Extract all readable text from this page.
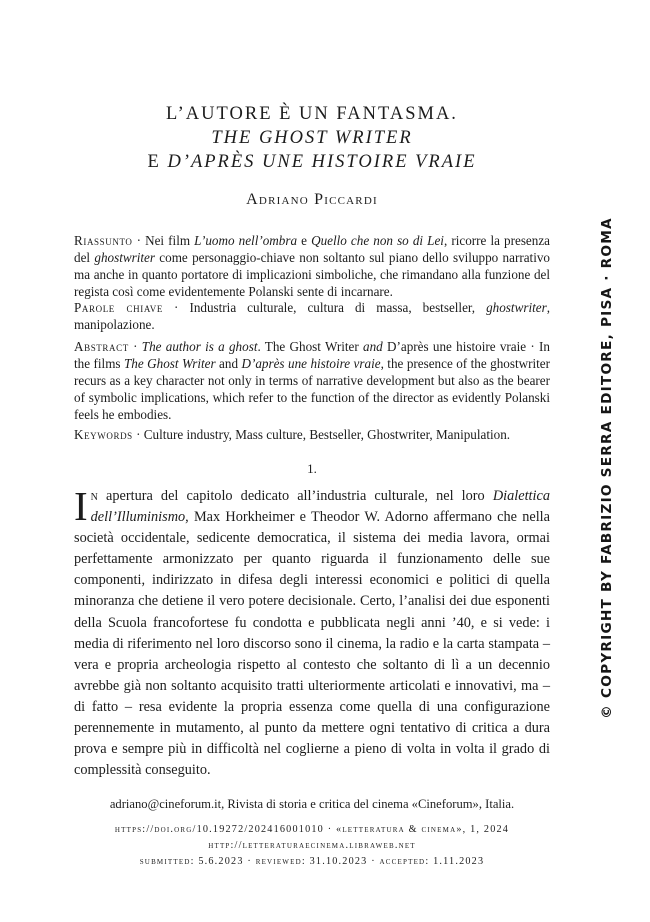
L’AUTORE È UN FANTASMA.
THE GHOST WRITER
E D’APRÈS UNE HISTOIRE VRAIE
Adriano Piccardi
Riassunto · Nei film L’uomo nell’ombra e Quello che non so di Lei, ricorre la presenza del ghostwriter come personaggio-chiave non soltanto sul piano dello sviluppo narrativo ma anche in quanto portatore di implicazioni simboliche, che rimandano alla funzione del regista così come evidentemente Polanski sente di incarnare.
Parole chiave · Industria culturale, cultura di massa, bestseller, ghostwriter, manipolazione.
Abstract · The author is a ghost. The Ghost Writer and D’après une histoire vraie · In the films The Ghost Writer and D’après une histoire vraie, the presence of the ghostwriter recurs as a key character not only in terms of narrative development but also as the bearer of symbolic implications, which refer to the function of the director as evidently Polanski feels he embodies.
Keywords · Culture industry, Mass culture, Bestseller, Ghostwriter, Manipulation.
1.
In apertura del capitolo dedicato all’industria culturale, nel loro Dialettica dell’Illuminismo, Max Horkheimer e Theodor W. Adorno affermano che nella società occidentale, sedicente democratica, il sistema dei media lavora, ormai perfettamente armonizzato per quanto riguarda il funzionamento delle sue componenti, indirizzato in difesa degli interessi economici e politici di quella minoranza che detiene il vero potere decisionale. Certo, l’analisi dei due esponenti della Scuola francofortese fu condotta e pubblicata negli anni ’40, e si vede: i media di riferimento nel loro discorso sono il cinema, la radio e la carta stampata – vera e propria archeologia rispetto al contesto che soltanto di lì a un decennio avrebbe già non soltanto acquisito tratti ulteriormente articolati e innovativi, ma – di fatto – resa evidente la propria essenza come quella di una configurazione perennemente in mutamento, al punto da mettere ogni tentativo di critica a dura prova e sempre più in difficoltà nel coglierne a pieno di volta in volta il grado di complessità conseguito.
adriano@cineforum.it, Rivista di storia e critica del cinema «Cineforum», Italia.
https://doi.org/10.19272/202416001010 · «letteratura & cinema», 1, 2024
http://letteraturaecinema.libraweb.net
submitted: 5.6.2023 · reviewed: 31.10.2023 · accepted: 1.11.2023
© COPYRIGHT BY FABRIZIO SERRA EDITORE, PISA · ROMA
